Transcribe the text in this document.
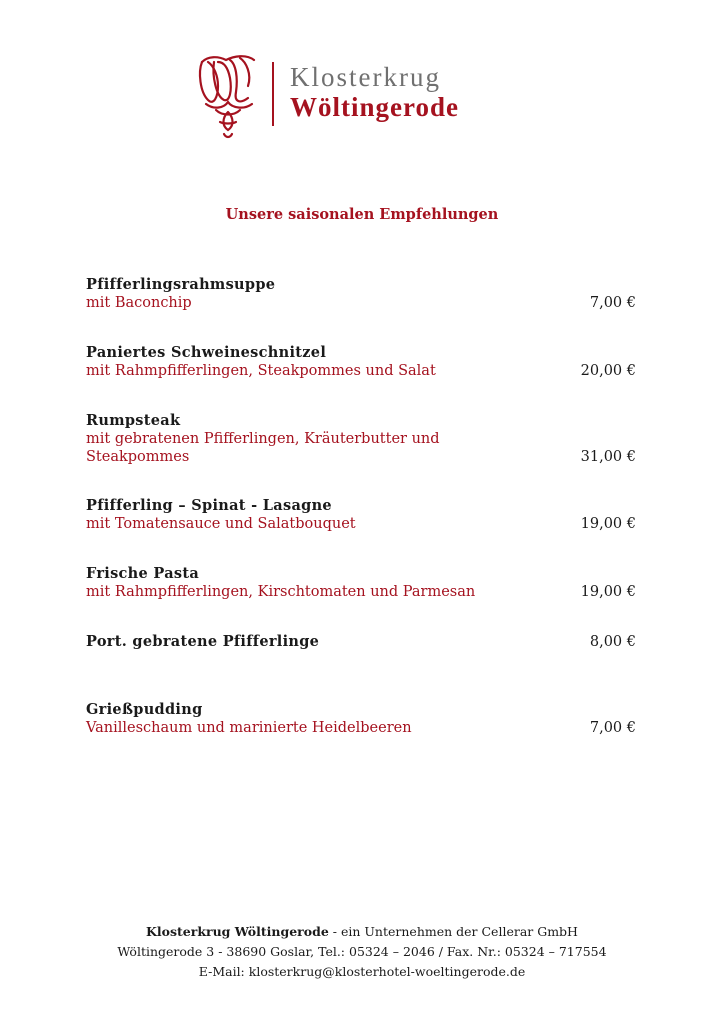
Klosterkrug
Wöltingerode
Unsere saisonalen Empfehlungen
Pfifferlingsrahmsuppe
mit Baconchip	7,00 €
Paniertes Schweineschnitzel
mit Rahmpfifferlingen, Steakpommes und Salat	20,00 €
Rumpsteak
mit gebratenen Pfifferlingen, Kräuterbutter und Steakpommes	31,00 €
Pfifferling – Spinat - Lasagne
mit Tomatensauce und Salatbouquet	19,00 €
Frische Pasta
mit Rahmpfifferlingen, Kirschtomaten und Parmesan	19,00 €
Port. gebratene Pfifferlinge	8,00 €
Grießpudding
Vanilleschaum und marinierte Heidelbeeren	7,00 €
Klosterkrug Wöltingerode - ein Unternehmen der Cellerar GmbH
Wöltingerode 3 - 38690 Goslar, Tel.: 05324 – 2046 / Fax. Nr.: 05324 – 717554
E-Mail: klosterkrug@klosterhotel-woeltingerode.de
